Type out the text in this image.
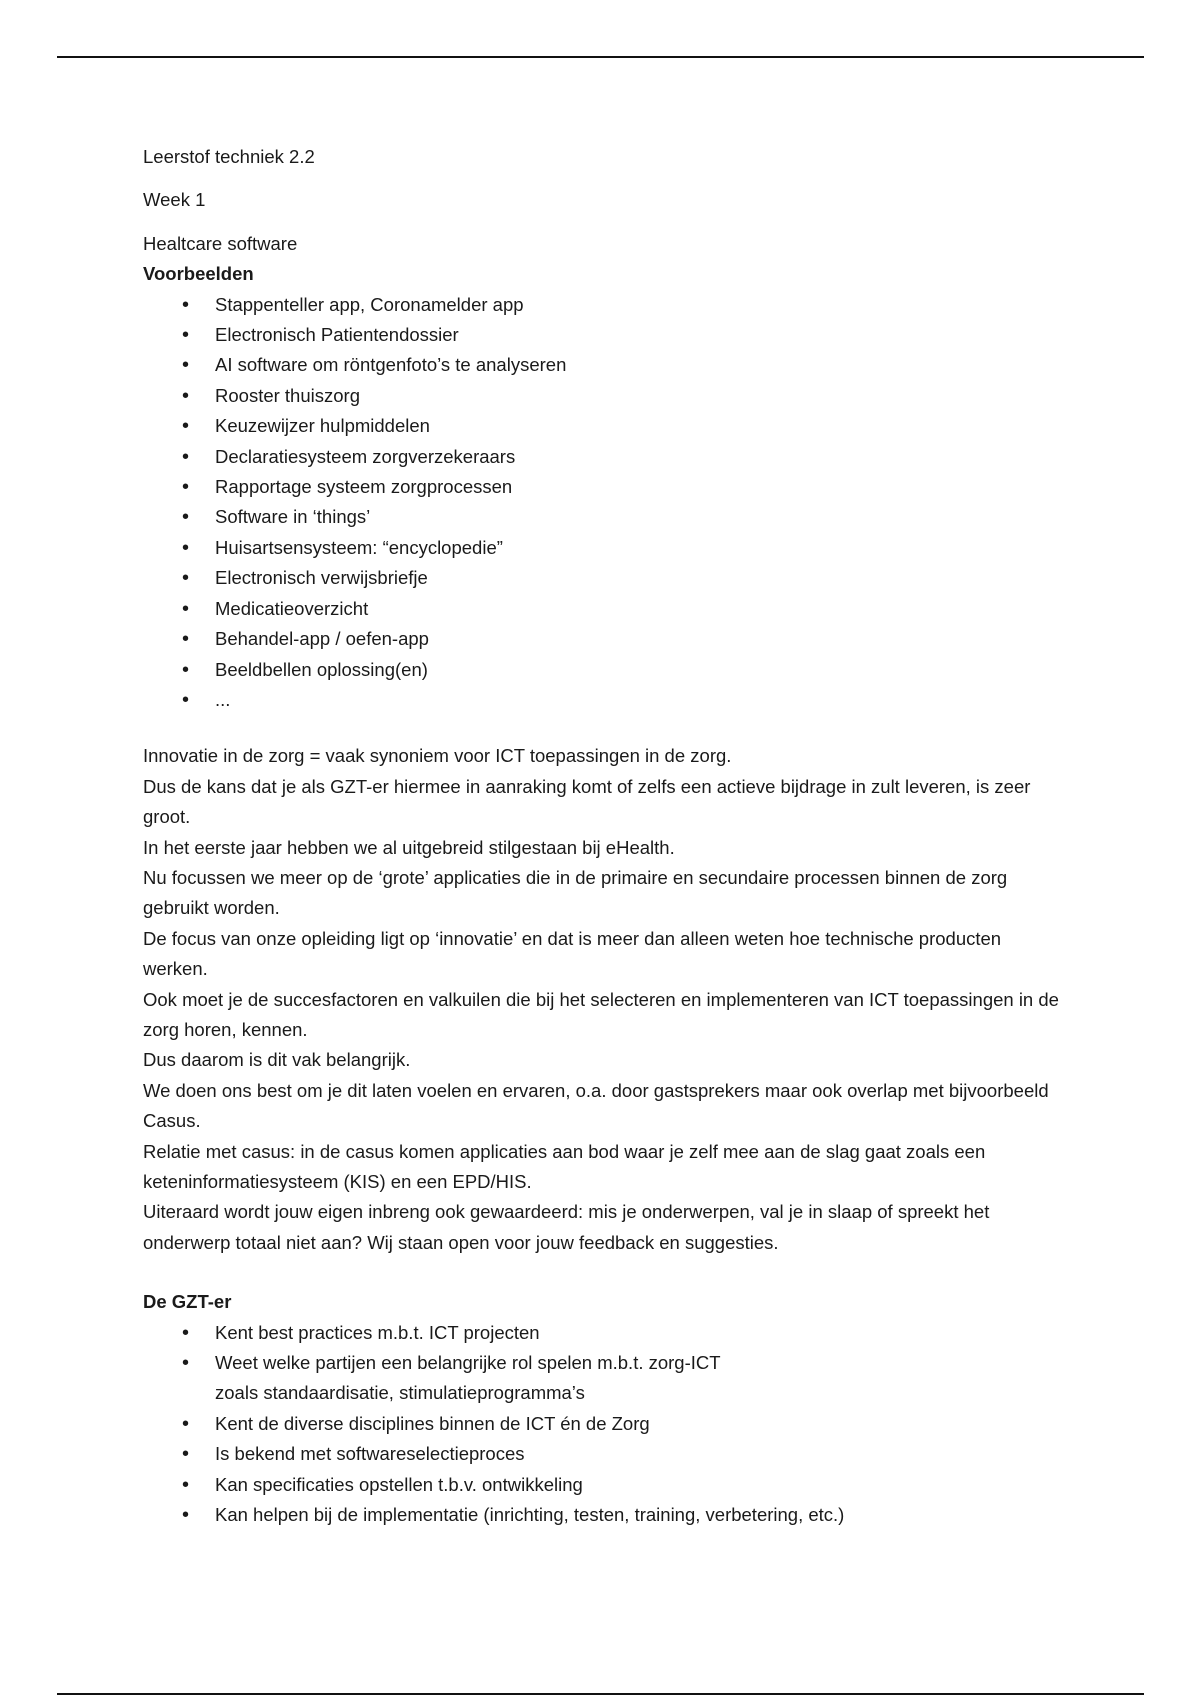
Leerstof techniek 2.2

Week 1

Healtcare software

Voorbeelden

• Stappenteller app, Coronamelder app
• Electronisch Patientendossier
• AI software om röntgenfoto’s te analyseren
• Rooster thuiszorg
• Keuzewijzer hulpmiddelen
• Declaratiesysteem zorgverzekeraars
• Rapportage systeem zorgprocessen
• Software in ‘things’
• Huisartsensysteem: “encyclopedie”
• Electronisch verwijsbriefje
• Medicatieoverzicht
• Behandel-app / oefen-app
• Beeldbellen oplossing(en)
• ...

Innovatie in de zorg = vaak synoniem voor ICT toepassingen in de zorg.

Dus de kans dat je als GZT-er hiermee in aanraking komt of zelfs een actieve bijdrage in zult leveren, is zeer groot.

In het eerste jaar hebben we al uitgebreid stilgestaan bij eHealth.

Nu focussen we meer op de ‘grote’ applicaties die in de primaire en secundaire processen binnen de zorg gebruikt worden.

De focus van onze opleiding ligt op ‘innovatie’ en dat is meer dan alleen weten hoe technische producten werken.

Ook moet je de succesfactoren en valkuilen die bij het selecteren en implementeren van ICT toepassingen in de zorg horen, kennen.

Dus daarom is dit vak belangrijk.

We doen ons best om je dit laten voelen en ervaren, o.a. door gastsprekers maar ook overlap met bijvoorbeeld Casus.

Relatie met casus: in de casus komen applicaties aan bod waar je zelf mee aan de slag gaat zoals een keteninformatiesysteem (KIS) en een EPD/HIS.

Uiteraard wordt jouw eigen inbreng ook gewaardeerd: mis je onderwerpen, val je in slaap of spreekt het onderwerp totaal niet aan? Wij staan open voor jouw feedback en suggesties.

De GZT-er

• Kent best practices m.b.t. ICT projecten
• Weet welke partijen een belangrijke rol spelen m.b.t. zorg-ICT
zoals standaardisatie, stimulatieprogramma’s
• Kent de diverse disciplines binnen de ICT én de Zorg
• Is bekend met softwareselectieproces
• Kan specificaties opstellen t.b.v. ontwikkeling
• Kan helpen bij de implementatie (inrichting, testen, training, verbetering, etc.)
